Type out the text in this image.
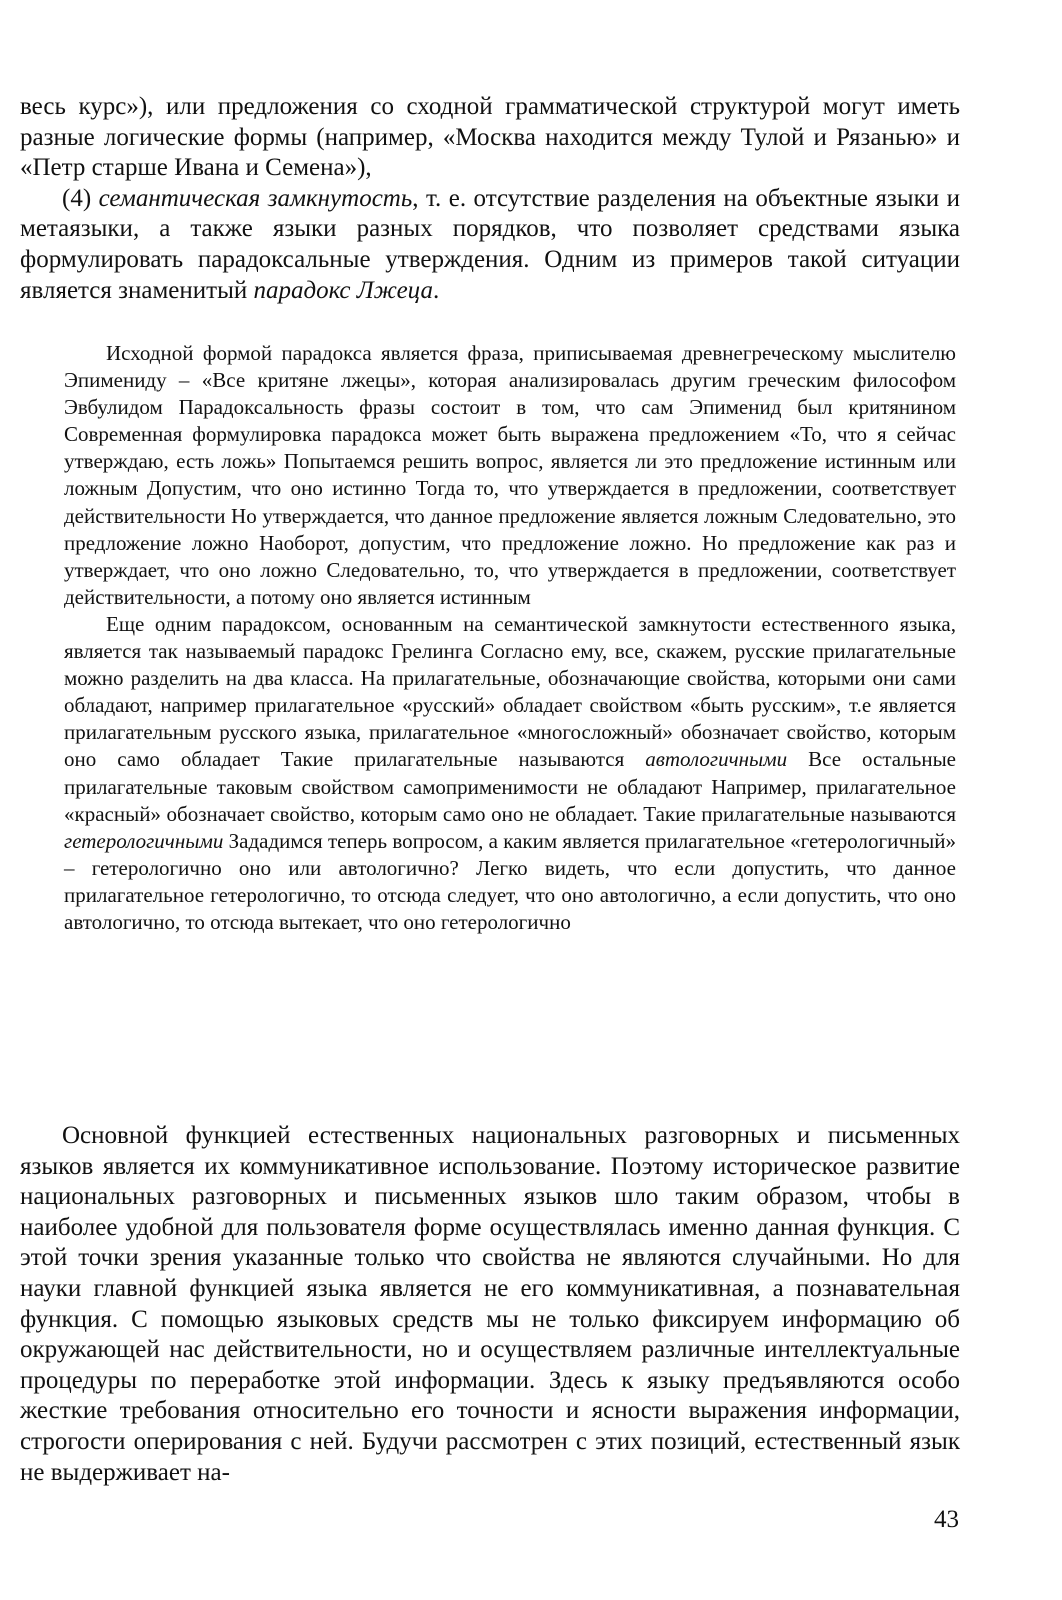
весь курс»), или предложения со сходной грамматической структурой могут иметь разные логические формы (например, «Москва находится между Тулой и Рязанью» и «Петр старше Ивана и Семена»),

(4) семантическая замкнутость, т. е. отсутствие разделения на объектные языки и метаязыки, а также языки разных порядков, что позволяет средствами языка формулировать парадоксальные утверждения. Одним из примеров такой ситуации является знаменитый парадокс Лжеца.

Исходной формой парадокса является фраза, приписываемая древнегреческому мыслителю Эпимениду – «Все критяне лжецы», которая анализировалась другим греческим философом Эвбулидом Парадоксальность фразы состоит в том, что сам Эпименид был критянином Современная формулировка парадокса может быть выражена предложением «То, что я сейчас утверждаю, есть ложь» Попытаемся решить вопрос, является ли это предложение истинным или ложным Допустим, что оно истинно Тогда то, что утверждается в предложении, соответствует действительности Но утверждается, что данное предложение является ложным Следовательно, это предложение ложно Наоборот, допустим, что предложение ложно. Но предложение как раз и утверждает, что оно ложно Следовательно, то, что утверждается в предложении, соответствует действительности, а потому оно является истинным

Еще одним парадоксом, основанным на семантической замкнутости естественного языка, является так называемый парадокс Грелинга Согласно ему, все, скажем, русские прилагательные можно разделить на два класса. На прилагательные, обозначающие свойства, которыми они сами обладают, например прилагательное «русский» обладает свойством «быть русским», т.е является прилагательным русского языка, прилагательное «многосложный» обозначает свойство, которым оно само обладает Такие прилагательные называются автологичными Все остальные прилагательные таковым свойством самоприменимости не обладают Например, прилагательное «красный» обозначает свойство, которым само оно не обладает. Такие прилагательные называются гетерологичными Зададимся теперь вопросом, а каким является прилагательное «гетерологичный» – гетерологично оно или автологично? Легко видеть, что если допустить, что данное прилагательное гетерологично, то отсюда следует, что оно автологично, а если допустить, что оно автологично, то отсюда вытекает, что оно гетерологично

Основной функцией естественных национальных разговорных и письменных языков является их коммуникативное использование. Поэтому историческое развитие национальных разговорных и письменных языков шло таким образом, чтобы в наиболее удобной для пользователя форме осуществлялась именно данная функция. С этой точки зрения указанные только что свойства не являются случайными. Но для науки главной функцией языка является не его коммуникативная, а познавательная функция. С помощью языковых средств мы не только фиксируем информацию об окружающей нас действительности, но и осуществляем различные интеллектуальные процедуры по переработке этой информации. Здесь к языку предъявляются особо жесткие требования относительно его точности и ясности выражения информации, строгости оперирования с ней. Будучи рассмотрен с этих позиций, естественный язык не выдерживает на-

43
